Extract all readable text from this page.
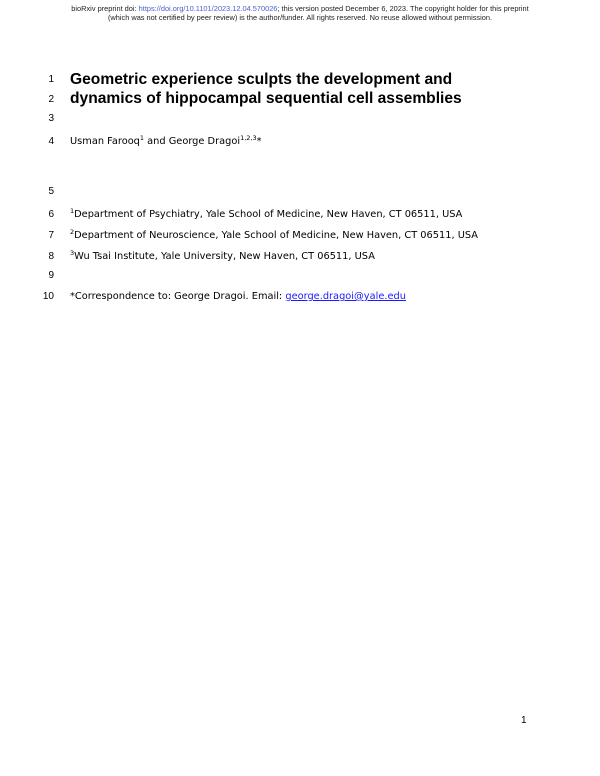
bioRxiv preprint doi: https://doi.org/10.1101/2023.12.04.570026; this version posted December 6, 2023. The copyright holder for this preprint
(which was not certified by peer review) is the author/funder. All rights reserved. No reuse allowed without permission.
1
2
3
4
5
6
7
8
9
10
Geometric experience sculpts the development and
dynamics of hippocampal sequential cell assemblies
Usman Farooq$^1$ and George Dragoi$^{1,2,3}$*
$^1$Department of Psychiatry, Yale School of Medicine, New Haven, CT 06511, USA
$^2$Department of Neuroscience, Yale School of Medicine, New Haven, CT 06511, USA
$^3$Wu Tsai Institute, Yale University, New Haven, CT 06511, USA
*Correspondence to: George Dragoi. Email: george.dragoi@yale.edu
1
